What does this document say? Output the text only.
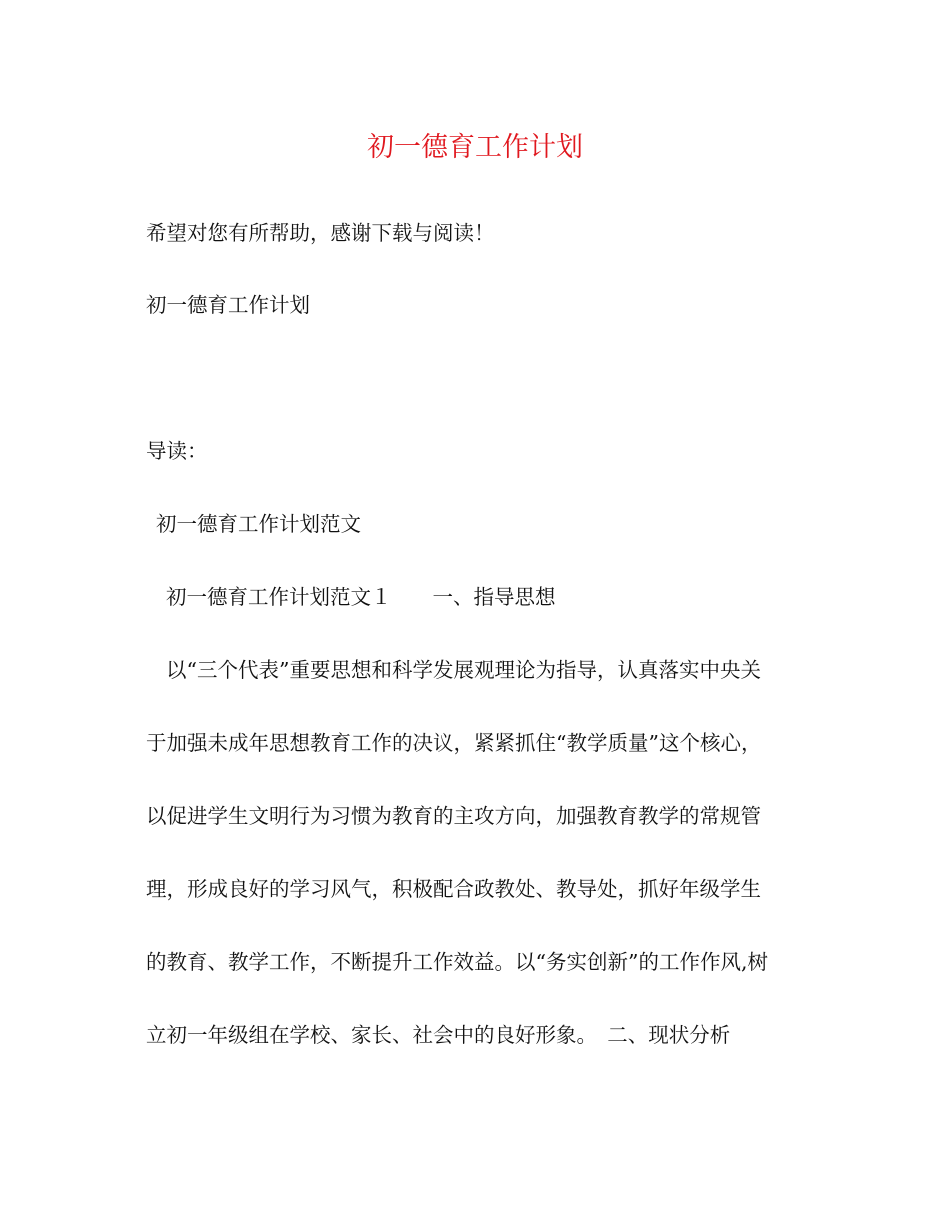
初一德育工作计划
希望对您有所帮助，感谢下载与阅读！
初一德育工作计划
导读：
初一德育工作计划范文
初一德育工作计划范文１　　一、指导思想
以“三个代表”重要思想和科学发展观理论为指导，认真落实中央关
于加强未成年思想教育工作的决议，紧紧抓住“教学质量”这个核心，
以促进学生文明行为习惯为教育的主攻方向，加强教育教学的常规管
理，形成良好的学习风气，积极配合政教处、教导处，抓好年级学生
的教育、教学工作，不断提升工作效益。以“务实创新”的工作作风,树
立初一年级组在学校、家长、社会中的良好形象。　二、现状分析
